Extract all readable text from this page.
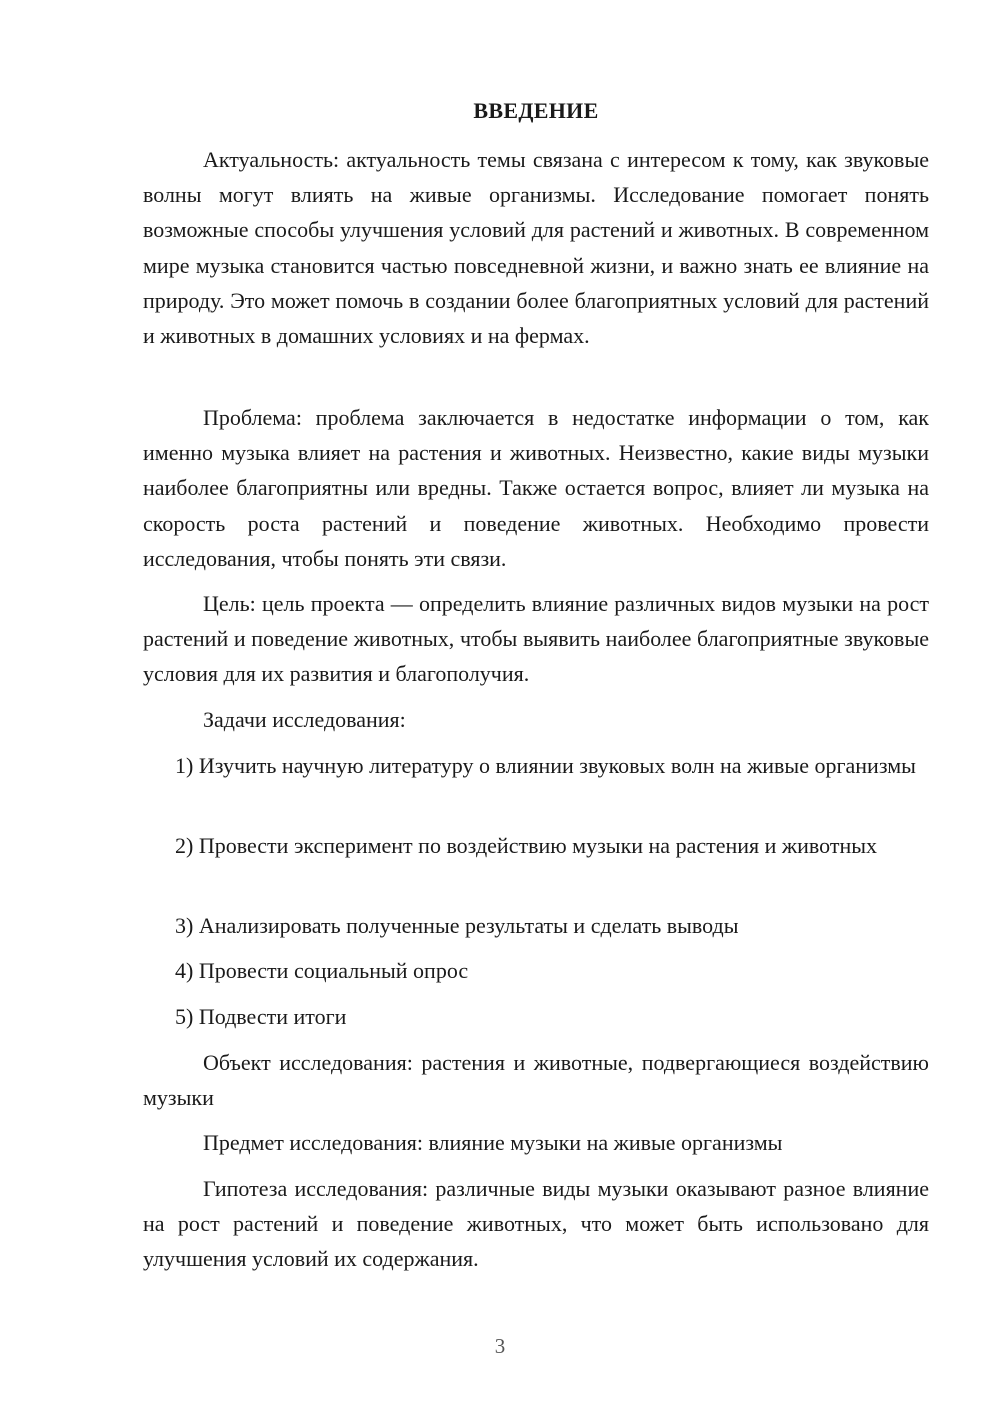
ВВЕДЕНИЕ

Актуальность: актуальность темы связана с интересом к тому, как звуковые волны могут влиять на живые организмы. Исследование помогает понять возможные способы улучшения условий для растений и животных. В современном мире музыка становится частью повседневной жизни, и важно знать ее влияние на природу. Это может помочь в создании более благоприятных условий для растений и животных в домашних условиях и на фермах.

Проблема: проблема заключается в недостатке информации о том, как именно музыка влияет на растения и животных. Неизвестно, какие виды музыки наиболее благоприятны или вредны. Также остается вопрос, влияет ли музыка на скорость роста растений и поведение животных. Необходимо провести исследования, чтобы понять эти связи.

Цель: цель проекта — определить влияние различных видов музыки на рост растений и поведение животных, чтобы выявить наиболее благоприятные звуковые условия для их развития и благополучия.

Задачи исследования:

1) Изучить научную литературу о влиянии звуковых волн на живые организмы

2) Провести эксперимент по воздействию музыки на растения и животных

3) Анализировать полученные результаты и сделать выводы

4) Провести социальный опрос

5) Подвести итоги

Объект исследования: растения и животные, подвергающиеся воздействию музыки

Предмет исследования: влияние музыки на живые организмы

Гипотеза исследования: различные виды музыки оказывают разное влияние на рост растений и поведение животных, что может быть использовано для улучшения условий их содержания.

3
